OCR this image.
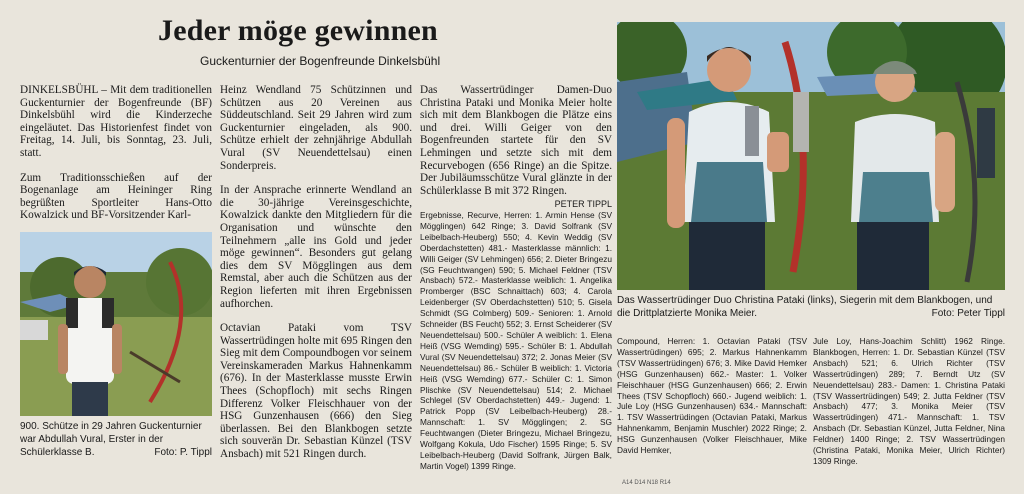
Jeder möge gewinnen
Guckenturnier der Bogenfreunde Dinkelsbühl

DINKELSBÜHL – Mit dem traditionellen Guckenturnier der Bogenfreunde (BF) Dinkelsbühl wird die Kinderzeche eingeläutet. Das Historienfest findet von Freitag, 14. Juli, bis Sonntag, 23. Juli, statt.

Zum Traditionsschießen auf der Bogenanlage am Heininger Ring begrüßten Sportleiter Hans-Otto Kowalzick und BF-Vorsitzender Karl-

900. Schütze in 29 Jahren Guckenturnier war Abdullah Vural, Erster in der Schülerklasse B.	Foto: P. Tippl

Heinz Wendland 75 Schützinnen und Schützen aus 20 Vereinen aus Süddeutschland. Seit 29 Jahren wird zum Guckenturnier eingeladen, als 900. Schütze erhielt der zehnjährige Abdullah Vural (SV Neuendettelsau) einen Sonderpreis.

In der Ansprache erinnerte Wendland an die 30-jährige Vereinsgeschichte, Kowalzick dankte den Mitgliedern für die Organisation und wünschte den Teilnehmern „alle ins Gold und jeder möge gewinnen“. Besonders gut gelang dies dem SV Mögglingen aus dem Remstal, aber auch die Schützen aus der Region lieferten mit ihren Ergebnissen aufhorchen.

Octavian Pataki vom TSV Wassertrüdingen holte mit 695 Ringen den Sieg mit dem Compoundbogen vor seinem Vereinskameraden Markus Hahnenkamm (676). In der Masterklasse musste Erwin Thees (Schopfloch) mit sechs Ringen Differenz Volker Fleischhauer von der HSG Gunzenhausen (666) den Sieg überlassen. Bei den Blankbogen setzte sich souverän Dr. Sebastian Künzel (TSV Ansbach) mit 521 Ringen durch.

Das Wassertrüdinger Damen-Duo Christina Pataki und Monika Meier holte sich mit dem Blankbogen die Plätze eins und drei. Willi Geiger von den Bogenfreunden startete für den SV Lehmingen und setzte sich mit dem Recurvebogen (656 Ringe) an die Spitze. Der Jubiläumsschütze Vural glänzte in der Schülerklasse B mit 372 Ringen.

PETER TIPPL
Ergebnisse, Recurve, Herren: 1. Armin Hense (SV Mögglingen) 642 Ringe; 3. David Solfrank (SV Leibelbach-Heuberg) 550; 4. Kevin Weddig (SV Oberdachstetten) 481.- Masterklasse männlich: 1. Willi Geiger (SV Lehmingen) 656; 2. Dieter Bringezu (SG Feuchtwangen) 590; 5. Michael Feldner (TSV Ansbach) 572.- Masterklasse weiblich: 1. Angelika Promberger (BSC Schnaittach) 603; 4. Carola Leidenberger (SV Oberdachstetten) 510; 5. Gisela Schmidt (SG Colmberg) 509.- Senioren: 1. Arnold Schneider (BS Feucht) 552; 3. Ernst Scheiderer (SV Neuendettelsau) 500.- Schüler A weiblich: 1. Elena Heiß (VSG Wemding) 595.- Schüler B: 1. Abdullah Vural (SV Neuendettelsau) 372; 2. Jonas Meier (SV Neuendettelsau) 86.- Schüler B weiblich: 1. Victoria Heiß (VSG Wemding) 677.- Schüler C: 1. Simon Plischke (SV Neuendettelsau) 514; 2. Michael Schlegel (SV Oberdachstetten) 449.- Jugend: 1. Patrick Popp (SV Leibelbach-Heuberg) 28.- Mannschaft: 1. SV Mögglingen; 2. SG Feuchtwangen (Dieter Bringezu, Michael Bringezu, Wolfgang Kokula, Udo Fischer) 1595 Ringe; 5. SV Leibelbach-Heuberg (David Solfrank, Jürgen Balk, Martin Vogel) 1399 Ringe.
Das Wassertrüdinger Duo Christina Pataki (links), Siegerin mit dem Blankbogen, und die Drittplatzierte Monika Meier.	Foto: Peter Tippl
Compound, Herren: 1. Octavian Pataki (TSV Wassertrüdingen) 695; 2. Markus Hahnenkamm (TSV Wassertrüdingen) 676; 3. Mike David Hemker (HSG Gunzenhausen) 662.- Master: 1. Volker Fleischhauer (HSG Gunzenhausen) 666; 2. Erwin Thees (TSV Schopfloch) 660.- Jugend weiblich: 1. Jule Loy (HSG Gunzenhausen) 634.- Mannschaft: 1. TSV Wassertrüdingen (Octavian Pataki, Markus Hahnenkamm, Benjamin Muschler) 2022 Ringe; 2. HSG Gunzenhausen (Volker Fleischhauer, Mike David Hemker,
Jule Loy, Hans-Joachim Schlitt) 1962 Ringe. Blankbogen, Herren: 1. Dr. Sebastian Künzel (TSV Ansbach) 521; 6. Ulrich Richter (TSV Wassertrüdingen) 289; 7. Berndt Utz (SV Neuendettelsau) 283.- Damen: 1. Christina Pataki (TSV Wassertrüdingen) 549; 2. Jutta Feldner (TSV Ansbach) 477; 3. Monika Meier (TSV Wassertrüdingen) 471.- Mannschaft: 1. TSV Ansbach (Dr. Sebastian Künzel, Jutta Feldner, Nina Feldner) 1400 Ringe; 2. TSV Wassertrüdingen (Christina Pataki, Monika Meier, Ulrich Richter) 1309 Ringe.
A14 D14 N18 R14
